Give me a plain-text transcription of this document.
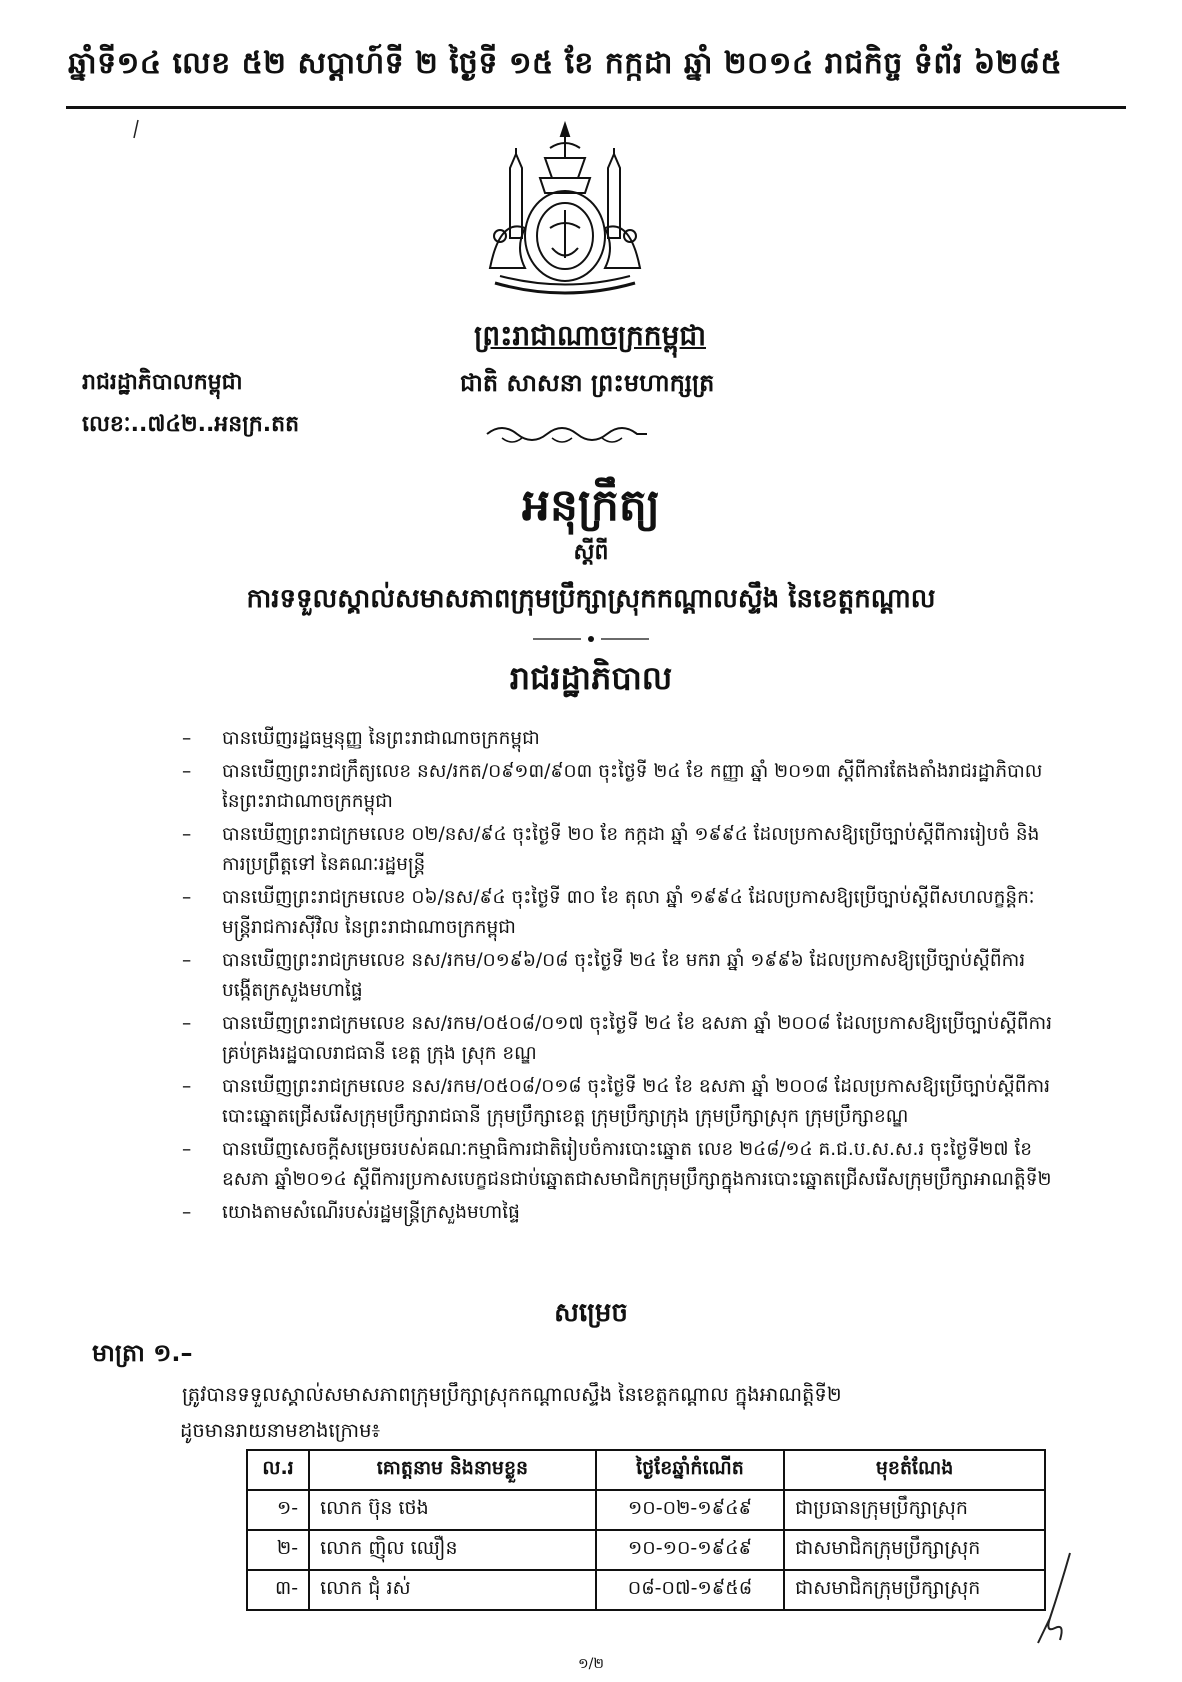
ឆ្នាំទី១៤ លេខ ៥២ សប្តាហ៍ទី ២ ថ្ងៃទី ១៥ ខែ កក្កដា ឆ្នាំ ២០១៤ រាជកិច្ច ទំព័រ ៦២៨៥
ព្រះរាជាណាចក្រកម្ពុជា
ជាតិ សាសនា ព្រះមហាក្សត្រ
រាជរដ្ឋាភិបាលកម្ពុជា
លេខៈ..៧៤២..អនក្រ.តត
អនុក្រឹត្យ
ស្តីពី
ការទទួលស្គាល់សមាសភាពក្រុមប្រឹក្សាស្រុកកណ្តាលស្ទឹង នៃខេត្តកណ្តាល
រាជរដ្ឋាភិបាល
– បានឃើញរដ្ឋធម្មនុញ្ញ នៃព្រះរាជាណាចក្រកម្ពុជា
– បានឃើញព្រះរាជក្រឹត្យលេខ នស/រកត/០៩១៣/៩០៣ ចុះថ្ងៃទី ២៤ ខែ កញ្ញា ឆ្នាំ ២០១៣ ស្តីពីការតែងតាំងរាជរដ្ឋាភិបាល នៃព្រះរាជាណាចក្រកម្ពុជា
– បានឃើញព្រះរាជក្រមលេខ ០២/នស/៩៤ ចុះថ្ងៃទី ២០ ខែ កក្កដា ឆ្នាំ ១៩៩៤ ដែលប្រកាសឱ្យប្រើច្បាប់ស្តីពីការរៀបចំ និងការប្រព្រឹត្តទៅ នៃគណៈរដ្ឋមន្ត្រី
– បានឃើញព្រះរាជក្រមលេខ ០៦/នស/៩៤ ចុះថ្ងៃទី ៣០ ខែ តុលា ឆ្នាំ ១៩៩៤ ដែលប្រកាសឱ្យប្រើច្បាប់ស្តីពីសហលក្ខន្តិកៈមន្ត្រីរាជការស៊ីវិល នៃព្រះរាជាណាចក្រកម្ពុជា
– បានឃើញព្រះរាជក្រមលេខ នស/រកម/០១៩៦/០៨ ចុះថ្ងៃទី ២៤ ខែ មករា ឆ្នាំ ១៩៩៦ ដែលប្រកាសឱ្យប្រើច្បាប់ស្តីពីការបង្កើតក្រសួងមហាផ្ទៃ
– បានឃើញព្រះរាជក្រមលេខ នស/រកម/០៥០៨/០១៧ ចុះថ្ងៃទី ២៤ ខែ ឧសភា ឆ្នាំ ២០០៨ ដែលប្រកាសឱ្យប្រើច្បាប់ស្តីពីការគ្រប់គ្រងរដ្ឋបាលរាជធានី ខេត្ត ក្រុង ស្រុក ខណ្ឌ
– បានឃើញព្រះរាជក្រមលេខ នស/រកម/០៥០៨/០១៨ ចុះថ្ងៃទី ២៤ ខែ ឧសភា ឆ្នាំ ២០០៨ ដែលប្រកាសឱ្យប្រើច្បាប់ស្តីពីការបោះឆ្នោតជ្រើសរើសក្រុមប្រឹក្សារាជធានី ក្រុមប្រឹក្សាខេត្ត ក្រុមប្រឹក្សាក្រុង ក្រុមប្រឹក្សាស្រុក ក្រុមប្រឹក្សាខណ្ឌ
– បានឃើញសេចក្តីសម្រេចរបស់គណៈកម្មាធិការជាតិរៀបចំការបោះឆ្នោត លេខ ២៤៨/១៤ គ.ជ.ប.ស.ស.រ ចុះថ្ងៃទី២៧ ខែឧសភា ឆ្នាំ២០១៤ ស្តីពីការប្រកាសបេក្ខជនជាប់ឆ្នោតជាសមាជិកក្រុមប្រឹក្សាក្នុងការបោះឆ្នោតជ្រើសរើសក្រុមប្រឹក្សាអាណត្តិទី២
– យោងតាមសំណើរបស់រដ្ឋមន្ត្រីក្រសួងមហាផ្ទៃ
សម្រេច
មាត្រា ១.–
ត្រូវបានទទួលស្គាល់សមាសភាពក្រុមប្រឹក្សាស្រុកកណ្តាលស្ទឹង នៃខេត្តកណ្តាល ក្នុងអាណត្តិទី២
ដូចមានរាយនាមខាងក្រោម៖
ល.រ	គោត្តនាម និងនាមខ្លួន	ថ្ងៃខែឆ្នាំកំណើត	មុខតំណែង
១-	លោក ប៊ុន ថេង	១០-០២-១៩៤៩	ជាប្រធានក្រុមប្រឹក្សាស្រុក
២-	លោក ញ៉ិល ឈឿន	១០-១០-១៩៤៩	ជាសមាជិកក្រុមប្រឹក្សាស្រុក
៣-	លោក ជុំ រស់	០៨-០៧-១៩៥៨	ជាសមាជិកក្រុមប្រឹក្សាស្រុក
១/២
